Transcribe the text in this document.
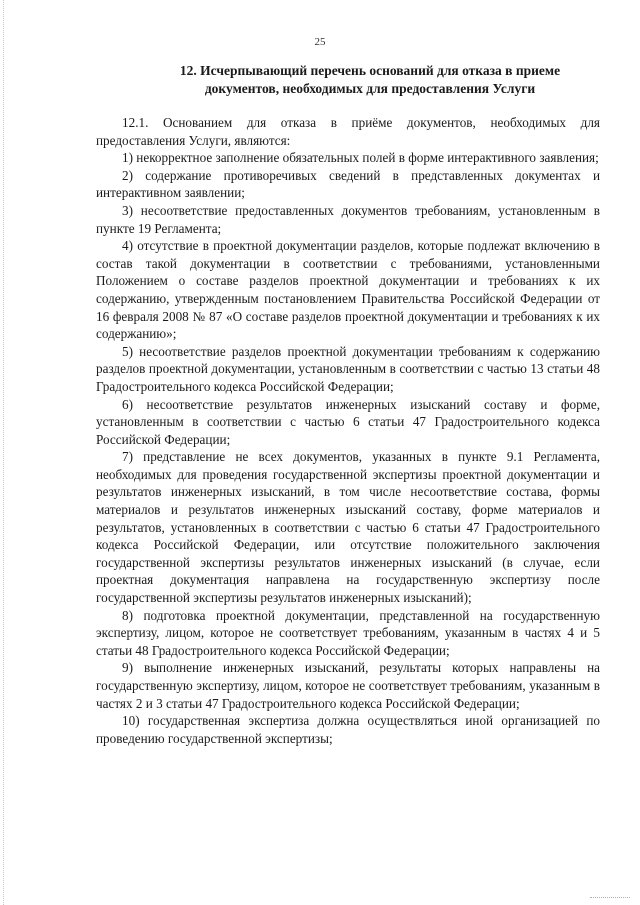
25
12. Исчерпывающий перечень оснований для отказа в приеме
документов, необходимых для предоставления Услуги

12.1. Основанием для отказа в приёме документов, необходимых для предоставления Услуги, являются:

1) некорректное заполнение обязательных полей в форме интерактивного заявления;

2) содержание противоречивых сведений в представленных документах и интерактивном заявлении;

3) несоответствие предоставленных документов требованиям, установленным в пункте 19 Регламента;

4) отсутствие в проектной документации разделов, которые подлежат включению в состав такой документации в соответствии с требованиями, установленными Положением о составе разделов проектной документации и требованиях к их содержанию, утвержденным постановлением Правительства Российской Федерации от 16 февраля 2008 № 87 «О составе разделов проектной документации и требованиях к их содержанию»;

5) несоответствие разделов проектной документации требованиям к содержанию разделов проектной документации, установленным в соответствии с частью 13 статьи 48 Градостроительного кодекса Российской Федерации;

6) несоответствие результатов инженерных изысканий составу и форме, установленным в соответствии с частью 6 статьи 47 Градостроительного кодекса Российской Федерации;

7) представление не всех документов, указанных в пункте 9.1 Регламента, необходимых для проведения государственной экспертизы проектной документации и результатов инженерных изысканий, в том числе несоответствие состава, формы материалов и результатов инженерных изысканий составу, форме материалов и результатов, установленных в соответствии с частью 6 статьи 47 Градостроительного кодекса Российской Федерации, или отсутствие положительного заключения государственной экспертизы результатов инженерных изысканий (в случае, если проектная документация направлена на государственную экспертизу после государственной экспертизы результатов инженерных изысканий);

8) подготовка проектной документации, представленной на государственную экспертизу, лицом, которое не соответствует требованиям, указанным в частях 4 и 5 статьи 48 Градостроительного кодекса Российской Федерации;

9) выполнение инженерных изысканий, результаты которых направлены на государственную экспертизу, лицом, которое не соответствует требованиям, указанным в частях 2 и 3 статьи 47 Градостроительного кодекса Российской Федерации;

10) государственная экспертиза должна осуществляться иной организацией по проведению государственной экспертизы;
